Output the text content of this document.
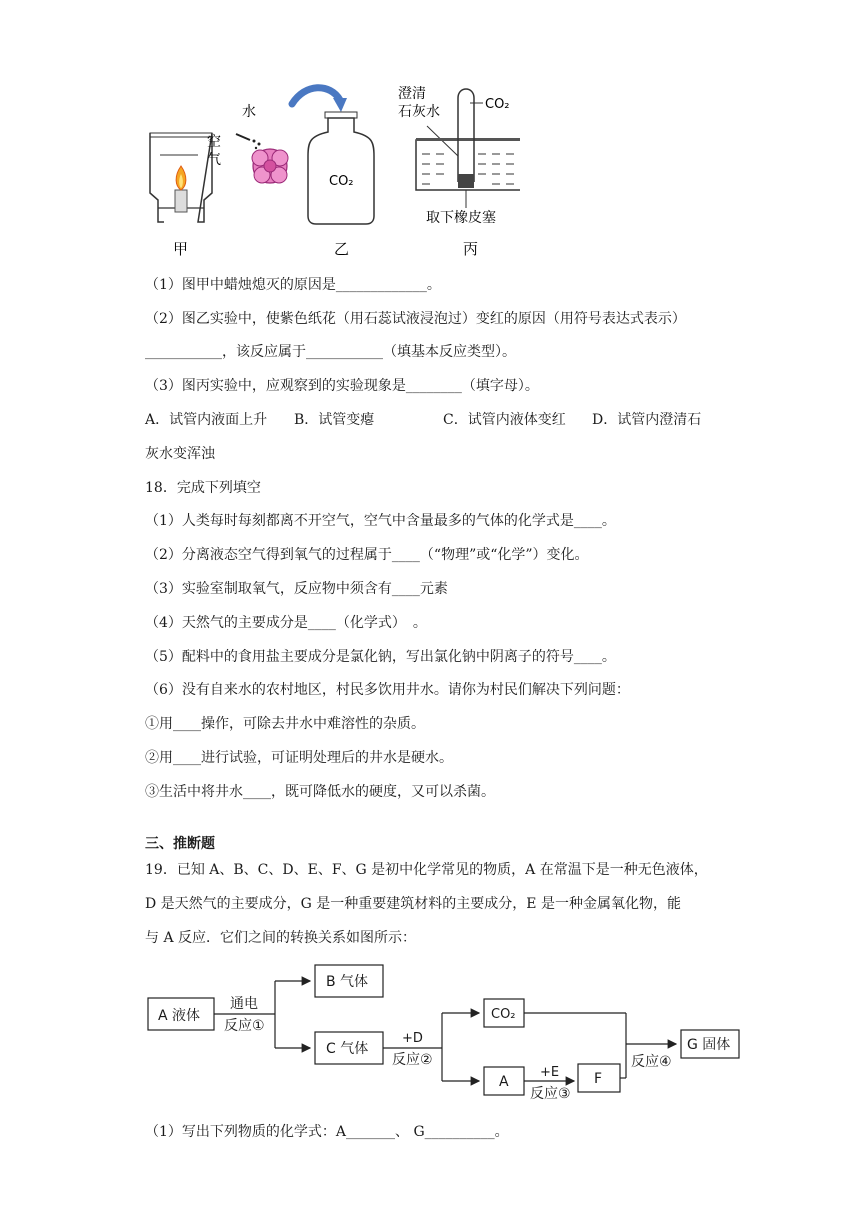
空
气
甲
水
CO₂
乙
澄清
石灰水	CO₂
取下橡皮塞
丙
（1）图甲中蜡烛熄灭的原因是_____________。
（2）图乙实验中，使紫色纸花（用石蕊试液浸泡过）变红的原因（用符号表达式表示）
___________，该反应属于___________（填基本反应类型）。
（3）图丙实验中，应观察到的实验现象是________（填字母）。
A．试管内液面上升 B．试管变瘪	C．试管内液体变红 D．试管内澄清石
灰水变浑浊
18．完成下列填空
（1）人类每时每刻都离不开空气，空气中含量最多的气体的化学式是____。
（2）分离液态空气得到氧气的过程属于____（“物理”或“化学”）变化。
（3）实验室制取氧气，反应物中须含有____元素
（4）天然气的主要成分是____（化学式）　。
（5）配料中的食用盐主要成分是氯化钠，写出氯化钠中阴离子的符号____。
（6）没有自来水的农村地区，村民多饮用井水。请你为村民们解决下列问题：
①用____操作，可除去井水中难溶性的杂质。
②用____进行试验，可证明处理后的井水是硬水。
③生活中将井水____，既可降低水的硬度，又可以杀菌。
三、推断题
19．已知 A、B、C、D、E、F、G 是初中化学常见的物质，A 在常温下是一种无色液体，
D 是天然气的主要成分，G 是一种重要建筑材料的主要成分，E 是一种金属氧化物，能
与 A 反应．它们之间的转换关系如图所示：
A 液体
B 气体
C 气体
CO₂
A	F
G 固体
通电
反应①
+D
反应②
+E
反应③
反应④
（1）写出下列物质的化学式：A_______、 G__________。
